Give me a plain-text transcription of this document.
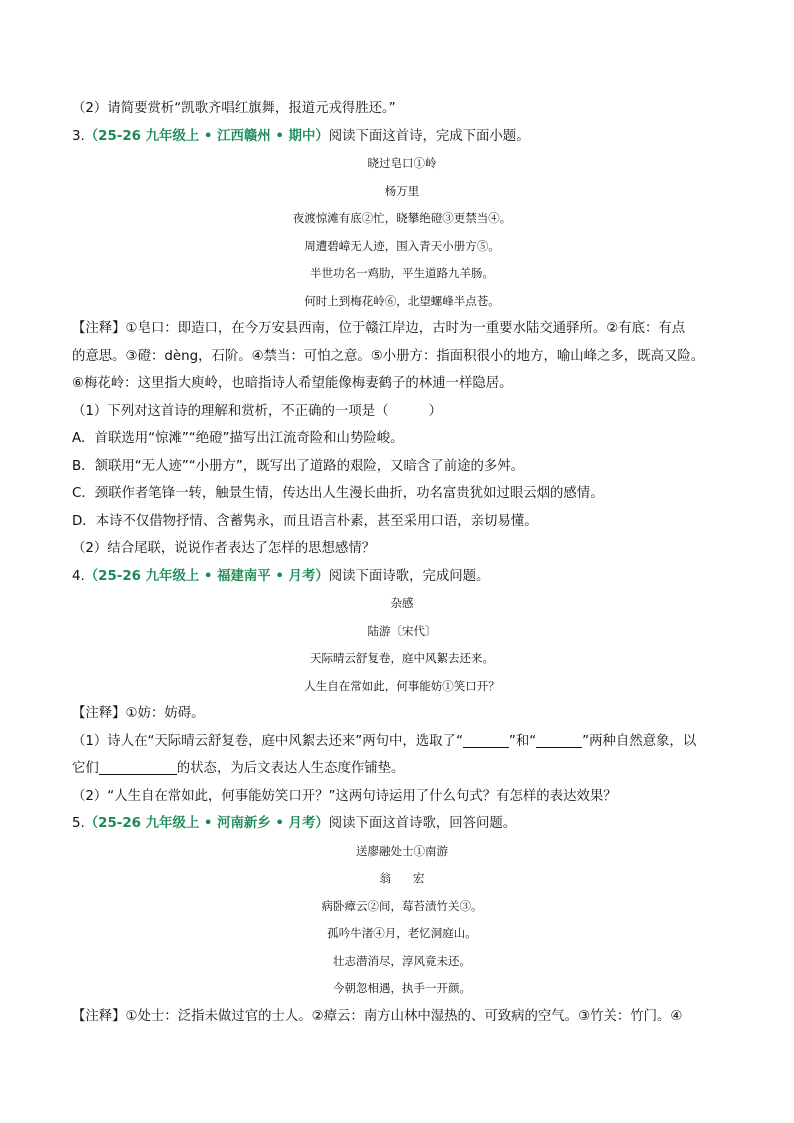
（2）请简要赏析“凯歌齐唱红旗舞，报道元戎得胜还。”

3.（25-26 九年级上 • 江西赣州 • 期中）阅读下面这首诗，完成下面小题。

晓过皂口①岭

杨万里

夜渡惊滩有底②忙，晓攀绝磴③更禁当④。

周遭碧嶂无人迹，围入青天小册方⑤。

半世功名一鸡肋，平生道路九羊肠。

何时上到梅花岭⑥，北望螺峰半点苍。

【注释】①皂口：即造口，在今万安县西南，位于赣江岸边，古时为一重要水陆交通驿所。②有底：有点

的意思。③磴：dèng，石阶。④禁当：可怕之意。⑤小册方：指面积很小的地方，喻山峰之多，既高又险。

⑥梅花岭：这里指大庾岭，也暗指诗人希望能像梅妻鹤子的林逋一样隐居。

（1）下列对这首诗的理解和赏析，不正确的一项是（　　　）

A．首联选用“惊滩”“绝磴”描写出江流奇险和山势险峻。

B．颔联用“无人迹”“小册方”，既写出了道路的艰险，又暗含了前途的多舛。

C．颈联作者笔锋一转，触景生情，传达出人生漫长曲折，功名富贵犹如过眼云烟的感情。

D．本诗不仅借物抒情、含蓄隽永，而且语言朴素，甚至采用口语，亲切易懂。

（2）结合尾联，说说作者表达了怎样的思想感情？

4.（25-26 九年级上 • 福建南平 • 月考）阅读下面诗歌，完成问题。

杂感

陆游〔宋代〕

天际晴云舒复卷，庭中风絮去还来。

人生自在常如此，何事能妨①笑口开？

【注释】①妨：妨碍。

（1）诗人在“天际晴云舒复卷，庭中风絮去还来”两句中，选取了“	”和“	”两种自然意象，以

它们	的状态，为后文表达人生态度作铺垫。

（2）“人生自在常如此，何事能妨笑口开？”这两句诗运用了什么句式？有怎样的表达效果？

5.（25-26 九年级上 • 河南新乡 • 月考）阅读下面这首诗歌，回答问题。

送廖融处士①南游

翁 宏

病卧瘴云②间，莓苔渍竹关③。

孤吟牛渚④月，老忆洞庭山。

壮志潜消尽，淳风竟未还。

今朝忽相遇，执手一开颜。

【注释】①处士：泛指未做过官的士人。②瘴云：南方山林中湿热的、可致病的空气。③竹关：竹门。④
